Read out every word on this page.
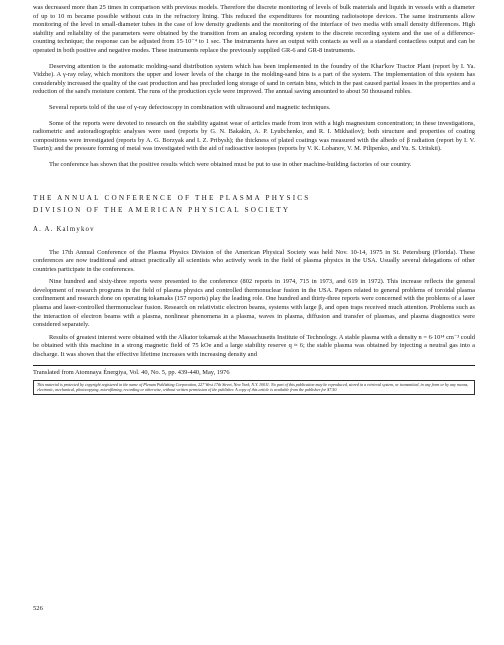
was decreased more than 25 times in comparison with previous models. Therefore the discrete monitoring of levels of bulk materials and liquids in vessels with a diameter of up to 10 m became possible without cuts in the refractory lining. This reduced the expenditures for mounting radioisotope devices. The same instruments allow monitoring of the level in small-diameter tubes in the case of low density gradients and the monitoring of the interface of two media with small density differences. High stability and reliability of the parameters were obtained by the transition from an analog recording system to the discrete recording system and the use of a difference-counting technique; the response can be adjusted from 15·10⁻⁴ to 1 sec. The instruments have an output with contacts as well as a standard contactless output and can be operated in both positive and negative modes. These instruments replace the previously supplied GR-6 and GR-8 instruments.

Deserving attention is the automatic molding-sand distribution system which has been implemented in the foundry of the Khar'kov Tractor Plant (report by I. Ya. Vidzhe). A γ-ray relay, which monitors the upper and lower levels of the charge in the molding-sand bins is a part of the system. The implementation of this system has considerably increased the quality of the cast production and has precluded long storage of sand in certain bins, which in the past caused partial losses in the properties and a reduction of the sand's moisture content. The runs of the production cycle were improved. The annual saving amounted to about 50 thousand rubles.

Several reports told of the use of γ-ray defectoscopy in combination with ultrasound and magnetic techniques.

Some of the reports were devoted to research on the stability against wear of articles made from iron with a high magnesium concentration; in these investigations, radiometric and autoradiographic analyses were used (reports by G. N. Bakakin, A. P. Lyubchenko, and R. I. Mikhailov); both structure and properties of coating compositions were investigated (reports by A. G. Borzyak and I. Z. Pribysh); the thickness of plated coatings was measured with the albedo of β radiation (report by I. V. Tsarin); and the pressure forming of metal was investigated with the aid of radioactive isotopes (reports by V. K. Lobanov, V. M. Pilipenko, and Yu. S. Uritskii).

The conference has shown that the positive results which were obtained must be put to use in other machine-building factories of our country.

THE ANNUAL CONFERENCE OF THE PLASMA PHYSICS
DIVISION OF THE AMERICAN PHYSICAL SOCIETY
A. A. Kalmykov

The 17th Annual Conference of the Plasma Physics Division of the American Physical Society was held Nov. 10-14, 1975 in St. Petersburg (Florida). These conferences are now traditional and attract practically all scientists who actively work in the field of plasma physics in the USA. Usually several delegations of other countries participate in the conferences.

Nine hundred and sixty-three reports were presented to the conference (802 reports in 1974, 715 in 1973, and 619 in 1972). This increase reflects the general development of research programs in the field of plasma physics and controlled thermonuclear fusion in the USA. Papers related to general problems of toroidal plasma confinement and research done on operating tokamaks (157 reports) play the leading role. One hundred and thirty-three reports were concerned with the problems of a laser plasma and laser-controlled thermonuclear fusion. Research on relativistic electron beams, systems with large β, and open traps received much attention. Problems such as the interaction of electron beams with a plasma, nonlinear phenomena in a plasma, waves in plasma, diffusion and transfer of plasmas, and plasma diagnostics were considered separately.

Results of greatest interest were obtained with the Alkator tokamak at the Massachusetts Institute of Technology. A stable plasma with a density n = 6·10¹⁴ cm⁻³ could be obtained with this machine in a strong magnetic field of 75 kOe and a large stability reserve q ≈ 6; the stable plasma was obtained by injecting a neutral gas into a discharge. It was shown that the effective lifetime increases with increasing density and

Translated from Atomnaya Énergiya, Vol. 40, No. 5, pp. 439-440, May, 1976
This material is protected by copyright registered in the name of Plenum Publishing Corporation, 227 West 17th Street, New York, N.Y. 10011. No part of this publication may be reproduced, stored in a retrieval system, or transmitted, in any form or by any means, electronic, mechanical, photocopying, microfilming, recording or otherwise, without written permission of the publisher. A copy of this article is available from the publisher for $7.50.
526
